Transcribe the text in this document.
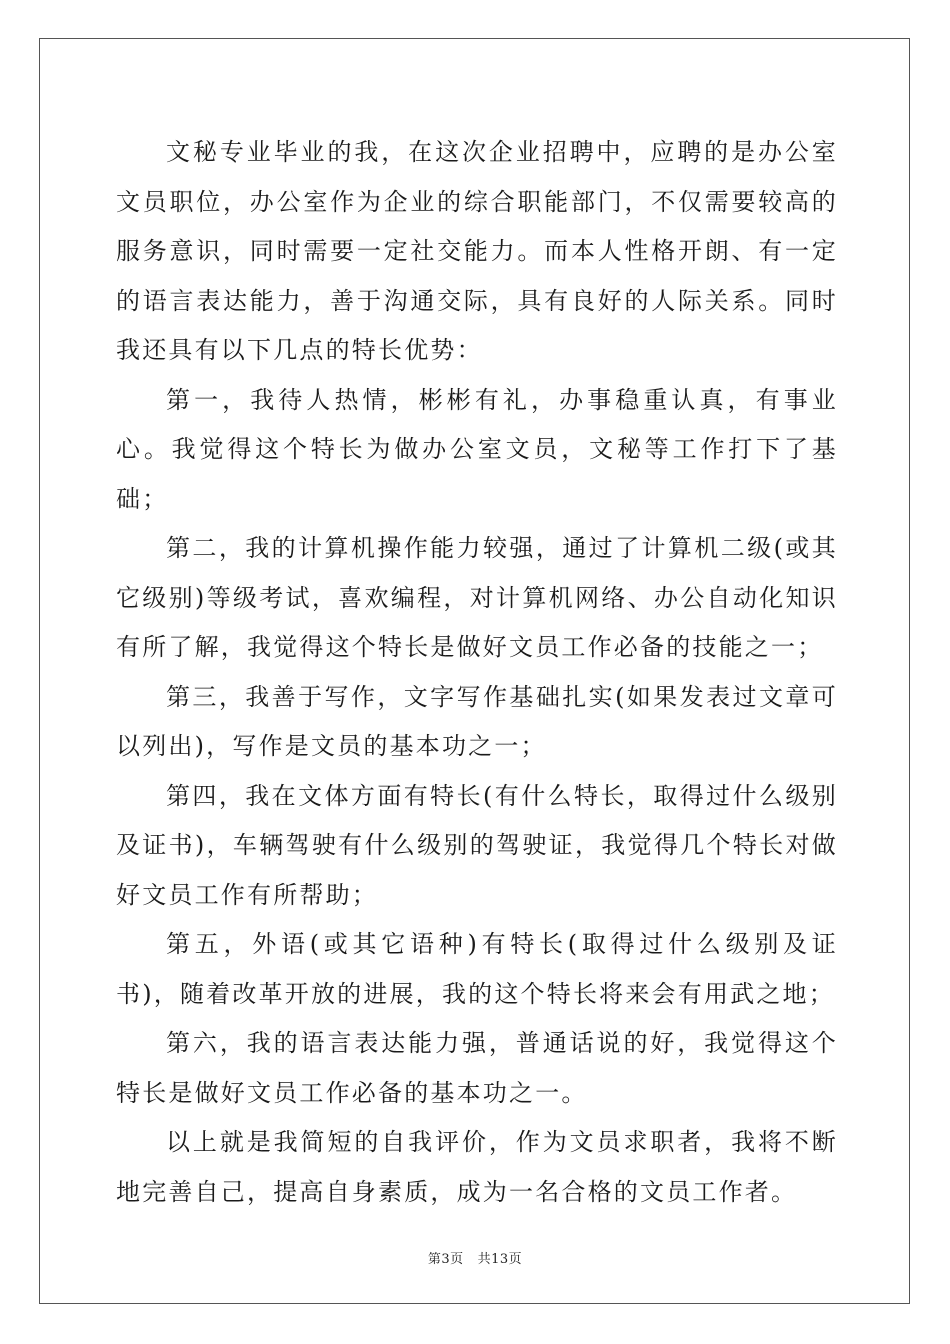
文秘专业毕业的我，在这次企业招聘中，应聘的是办公室文员职位，办公室作为企业的综合职能部门，不仅需要较高的服务意识，同时需要一定社交能力。而本人性格开朗、有一定的语言表达能力，善于沟通交际，具有良好的人际关系。同时我还具有以下几点的特长优势：

第一，我待人热情，彬彬有礼，办事稳重认真，有事业心。我觉得这个特长为做办公室文员，文秘等工作打下了基础；

第二，我的计算机操作能力较强，通过了计算机二级(或其它级别)等级考试，喜欢编程，对计算机网络、办公自动化知识有所了解，我觉得这个特长是做好文员工作必备的技能之一；

第三，我善于写作，文字写作基础扎实(如果发表过文章可以列出)，写作是文员的基本功之一；

第四，我在文体方面有特长(有什么特长，取得过什么级别及证书)，车辆驾驶有什么级别的驾驶证，我觉得几个特长对做好文员工作有所帮助；

第五，外语(或其它语种)有特长(取得过什么级别及证书)，随着改革开放的进展，我的这个特长将来会有用武之地；

第六，我的语言表达能力强，普通话说的好，我觉得这个特长是做好文员工作必备的基本功之一。

以上就是我简短的自我评价，作为文员求职者，我将不断地完善自己，提高自身素质，成为一名合格的文员工作者。

第3页 共13页
